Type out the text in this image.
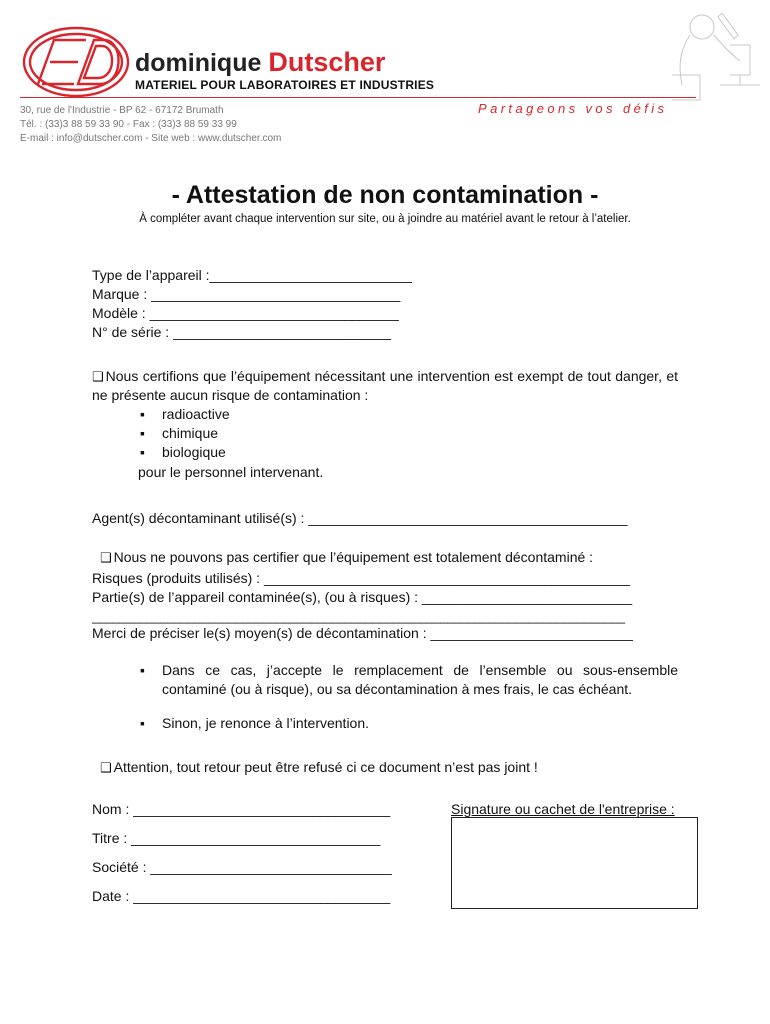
dominique Dutscher
MATERIEL POUR LABORATOIRES ET INDUSTRIES
Partageons vos défis
30, rue de l'Industrie - BP 62 - 67172 Brumath
Tél. : (33)3 88 59 33 90 - Fax : (33)3 88 59 33 99
E-mail : info@dutscher.com - Site web : www.dutscher.com
- Attestation de non contamination -
À compléter avant chaque intervention sur site, ou à joindre au matériel avant le retour à l’atelier.
Type de l’appareil :__________________________
Marque : ________________________________
Modèle : ________________________________
N° de série : ____________________________
❑ Nous certifions que l’équipement nécessitant une intervention est exempt de tout danger, et ne présente aucun risque de contamination :
▪ radioactive
▪ chimique
▪ biologique
pour le personnel intervenant.
Agent(s) décontaminant utilisé(s) : _________________________________________
❑ Nous ne pouvons pas certifier que l’équipement est totalement décontaminé :
Risques (produits utilisés) : _______________________________________________
Partie(s) de l’appareil contaminée(s), (ou à risques) : ___________________________
______________________________________________________________________________
Merci de préciser le(s) moyen(s) de décontamination : __________________________
▪ Dans ce cas, j’accepte le remplacement de l’ensemble ou sous-ensemble contaminé (ou à risque), ou sa décontamination à mes frais, le cas échéant.
▪ Sinon, je renonce à l’intervention.
❑ Attention, tout retour peut être refusé ci ce document n’est pas joint !
Nom : _________________________________
Titre : ________________________________
Société : _______________________________
Date : _________________________________
Signature ou cachet de l'entreprise :
